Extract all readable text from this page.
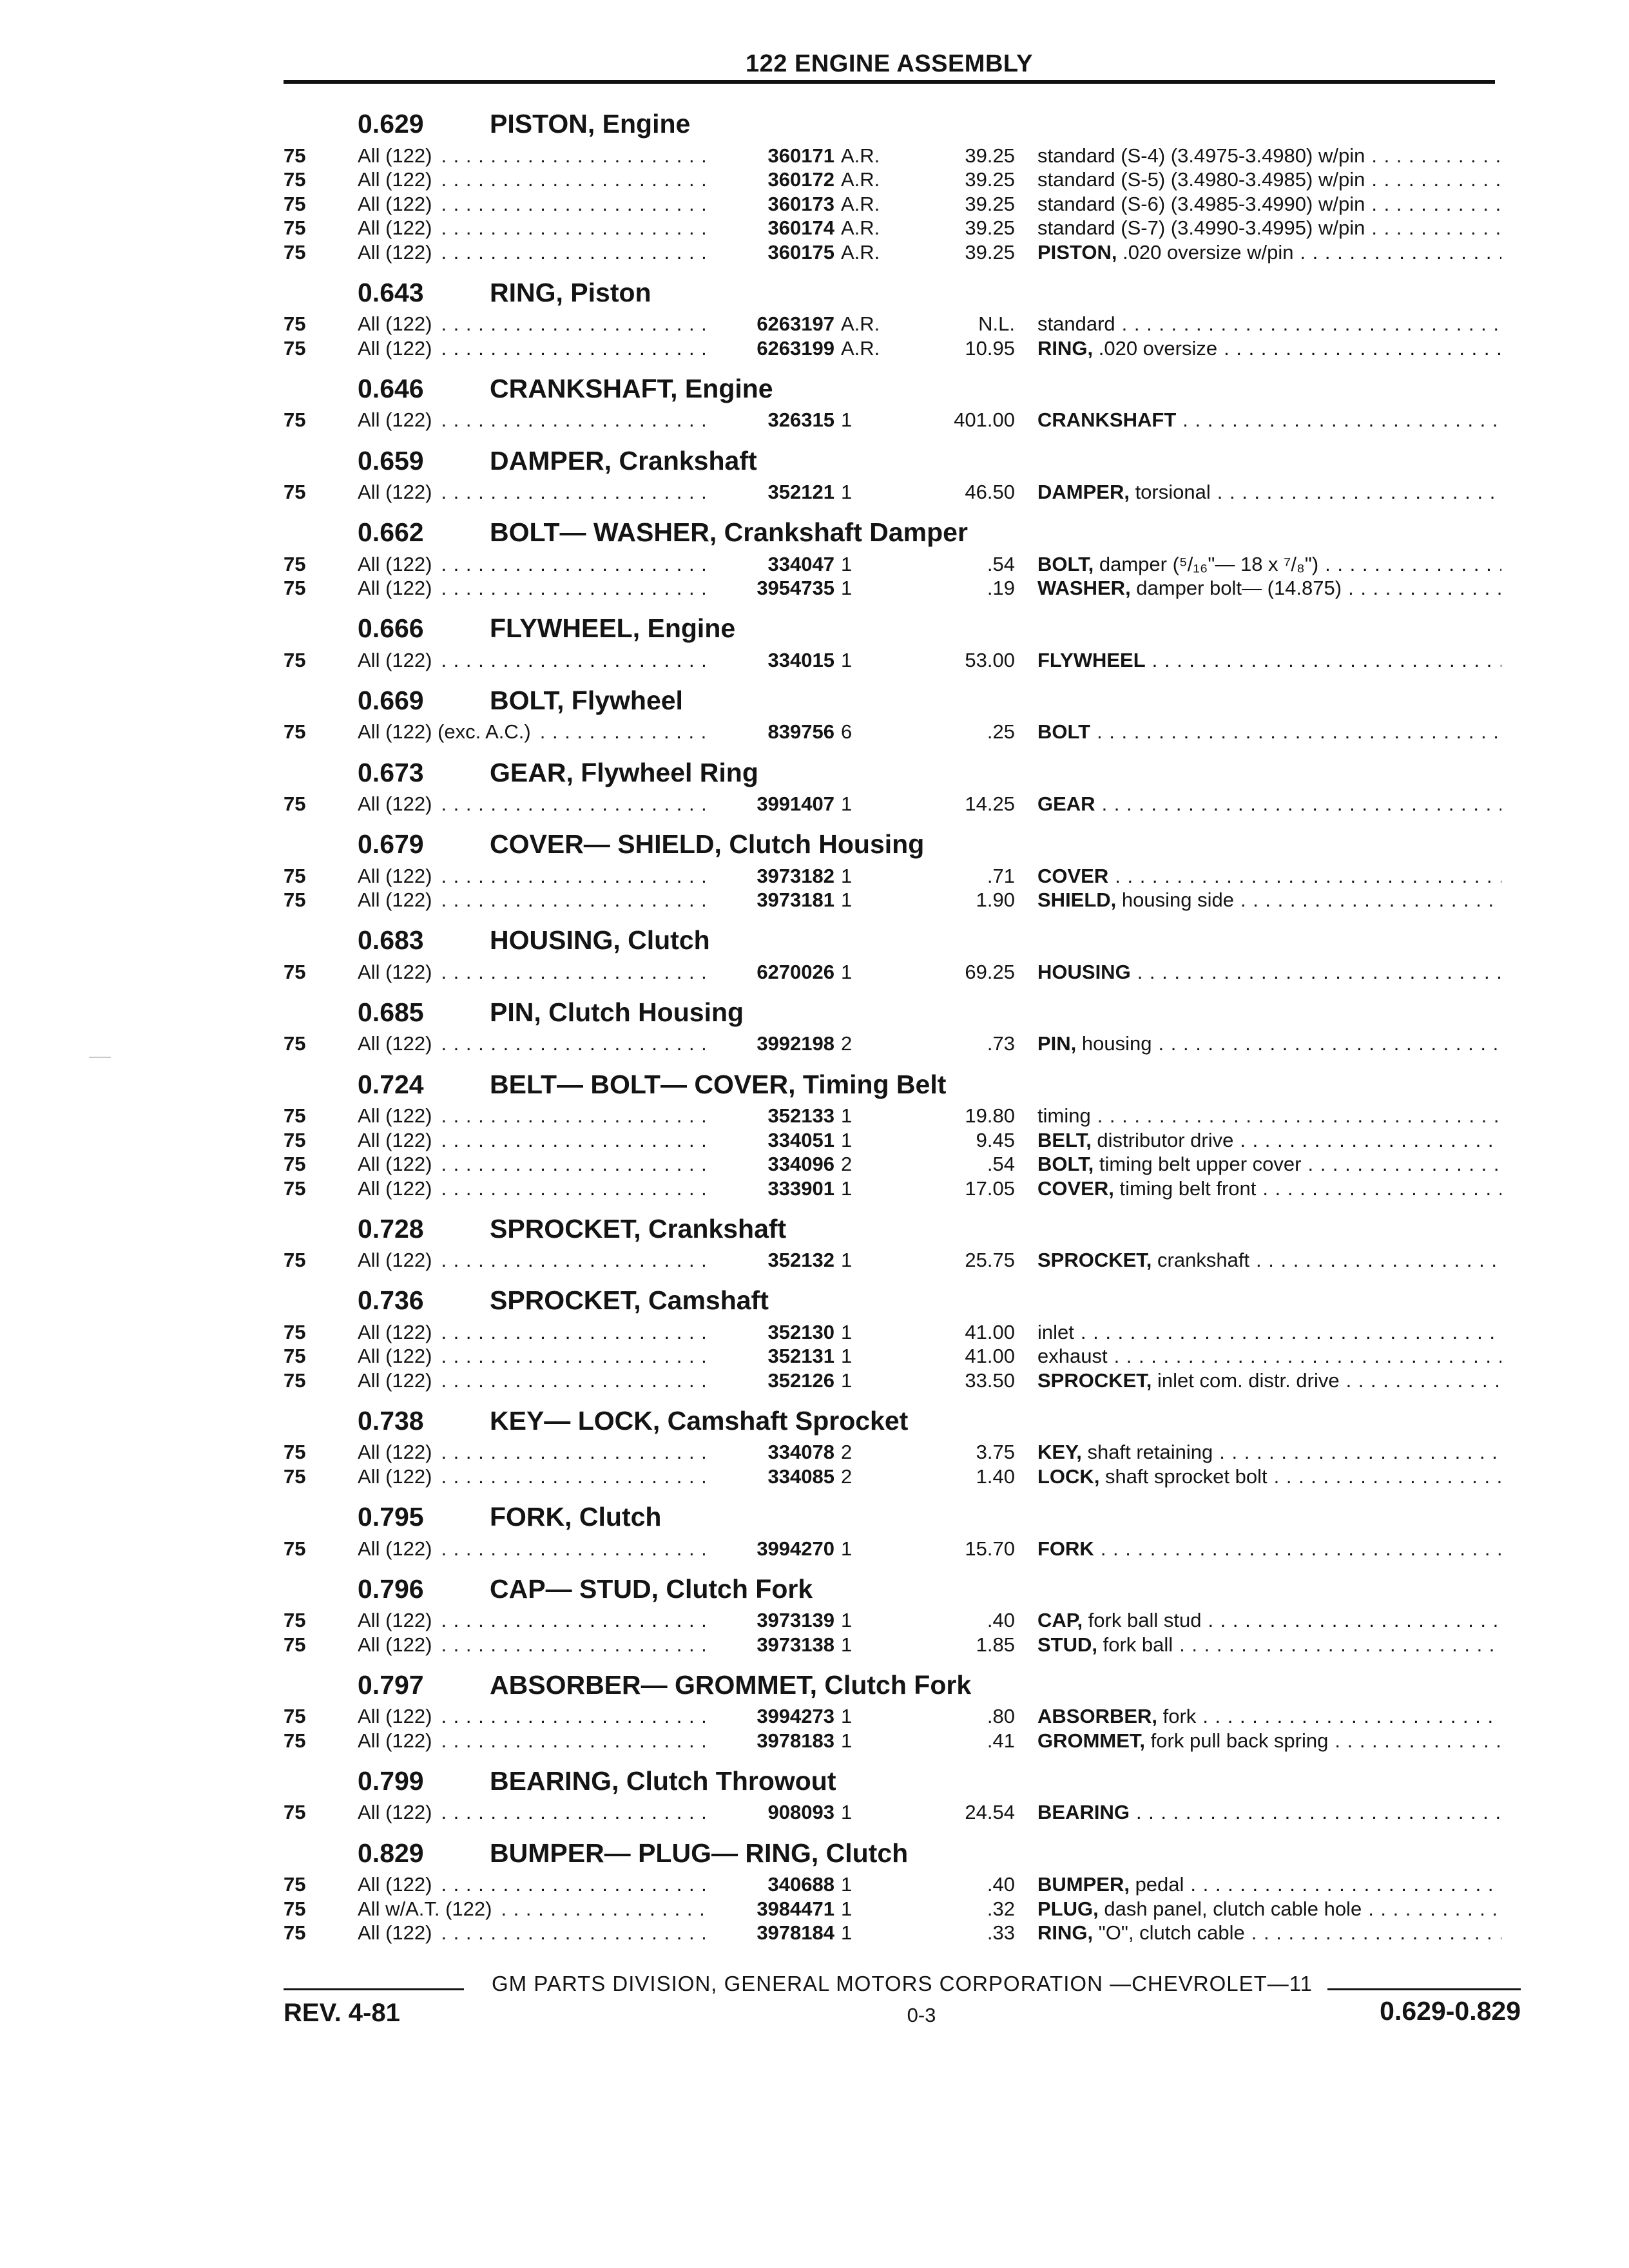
122 ENGINE ASSEMBLY
0.629 PISTON, Engine
75	All (122) . . .	360171 A.R.	39.25 standard (S-4) (3.4975-3.4980) w/pin . . .
75	All (122) . . .	360172 A.R.	39.25 standard (S-5) (3.4980-3.4985) w/pin . . .
75	All (122) . . .	360173 A.R.	39.25 standard (S-6) (3.4985-3.4990) w/pin . . .
75	All (122) . . .	360174 A.R.	39.25 standard (S-7) (3.4990-3.4995) w/pin . . .
75	All (122) . . .	360175 A.R.	39.25 PISTON, .020 oversize w/pin . . .
0.643 RING, Piston
75	All (122) . . .	6263197 A.R.	N.L. standard . . .
75	All (122) . . .	6263199 A.R.	10.95 RING, .020 oversize . . .
0.646 CRANKSHAFT, Engine
75	All (122) . . .	326315 1	401.00 CRANKSHAFT . . .
0.659 DAMPER, Crankshaft
75	All (122) . . .	352121 1	46.50 DAMPER, torsional . . .
0.662 BOLT— WASHER, Crankshaft Damper
75	All (122) . . .	334047 1	.54 BOLT, damper (⁵/₁₆"— 18 x ⁷/₈") . . .
75	All (122) . . .	3954735 1	.19 WASHER, damper bolt— (14.875) . . .
0.666 FLYWHEEL, Engine
75	All (122) . . .	334015 1	53.00 FLYWHEEL . . .
0.669 BOLT, Flywheel
75	All (122) (exc. A.C.) . . .	839756 6	.25 BOLT . . .
0.673 GEAR, Flywheel Ring
75	All (122) . . .	3991407 1	14.25 GEAR . . .
0.679 COVER— SHIELD, Clutch Housing
75	All (122) . . .	3973182 1	.71 COVER . . .
75	All (122) . . .	3973181 1	1.90 SHIELD, housing side . . .
0.683 HOUSING, Clutch
75	All (122) . . .	6270026 1	69.25 HOUSING . . .
0.685 PIN, Clutch Housing
75	All (122) . . .	3992198 2	.73 PIN, housing . . .
0.724 BELT— BOLT— COVER, Timing Belt
75	All (122) . . .	352133 1	19.80 timing . . .
75	All (122) . . .	334051 1	9.45 BELT, distributor drive . . .
75	All (122) . . .	334096 2	.54 BOLT, timing belt upper cover . . .
75	All (122) . . .	333901 1	17.05 COVER, timing belt front . . .
0.728 SPROCKET, Crankshaft
75	All (122) . . .	352132 1	25.75 SPROCKET, crankshaft . . .
0.736 SPROCKET, Camshaft
75	All (122) . . .	352130 1	41.00 inlet . . .
75	All (122) . . .	352131 1	41.00 exhaust . . .
75	All (122) . . .	352126 1	33.50 SPROCKET, inlet com. distr. drive . . .
0.738 KEY— LOCK, Camshaft Sprocket
75	All (122) . . .	334078 2	3.75 KEY, shaft retaining . . .
75	All (122) . . .	334085 2	1.40 LOCK, shaft sprocket bolt . . .
0.795 FORK, Clutch
75	All (122) . . .	3994270 1	15.70 FORK . . .
0.796 CAP— STUD, Clutch Fork
75	All (122) . . .	3973139 1	.40 CAP, fork ball stud . . .
75	All (122) . . .	3973138 1	1.85 STUD, fork ball . . .
0.797 ABSORBER— GROMMET, Clutch Fork
75	All (122) . . .	3994273 1	.80 ABSORBER, fork . . .
75	All (122) . . .	3978183 1	.41 GROMMET, fork pull back spring . . .
0.799 BEARING, Clutch Throwout
75	All (122) . . .	908093 1	24.54 BEARING . . .
0.829 BUMPER— PLUG— RING, Clutch
75	All (122) . . .	340688 1	.40 BUMPER, pedal . . .
75	All w/A.T. (122) . . .	3984471 1	.32 PLUG, dash panel, clutch cable hole . . .
75	All (122) . . .	3978184 1	.33 RING, "O", clutch cable . . .
GM PARTS DIVISION, GENERAL MOTORS CORPORATION —CHEVROLET—11
REV. 4-81	0-3	0.629-0.829
